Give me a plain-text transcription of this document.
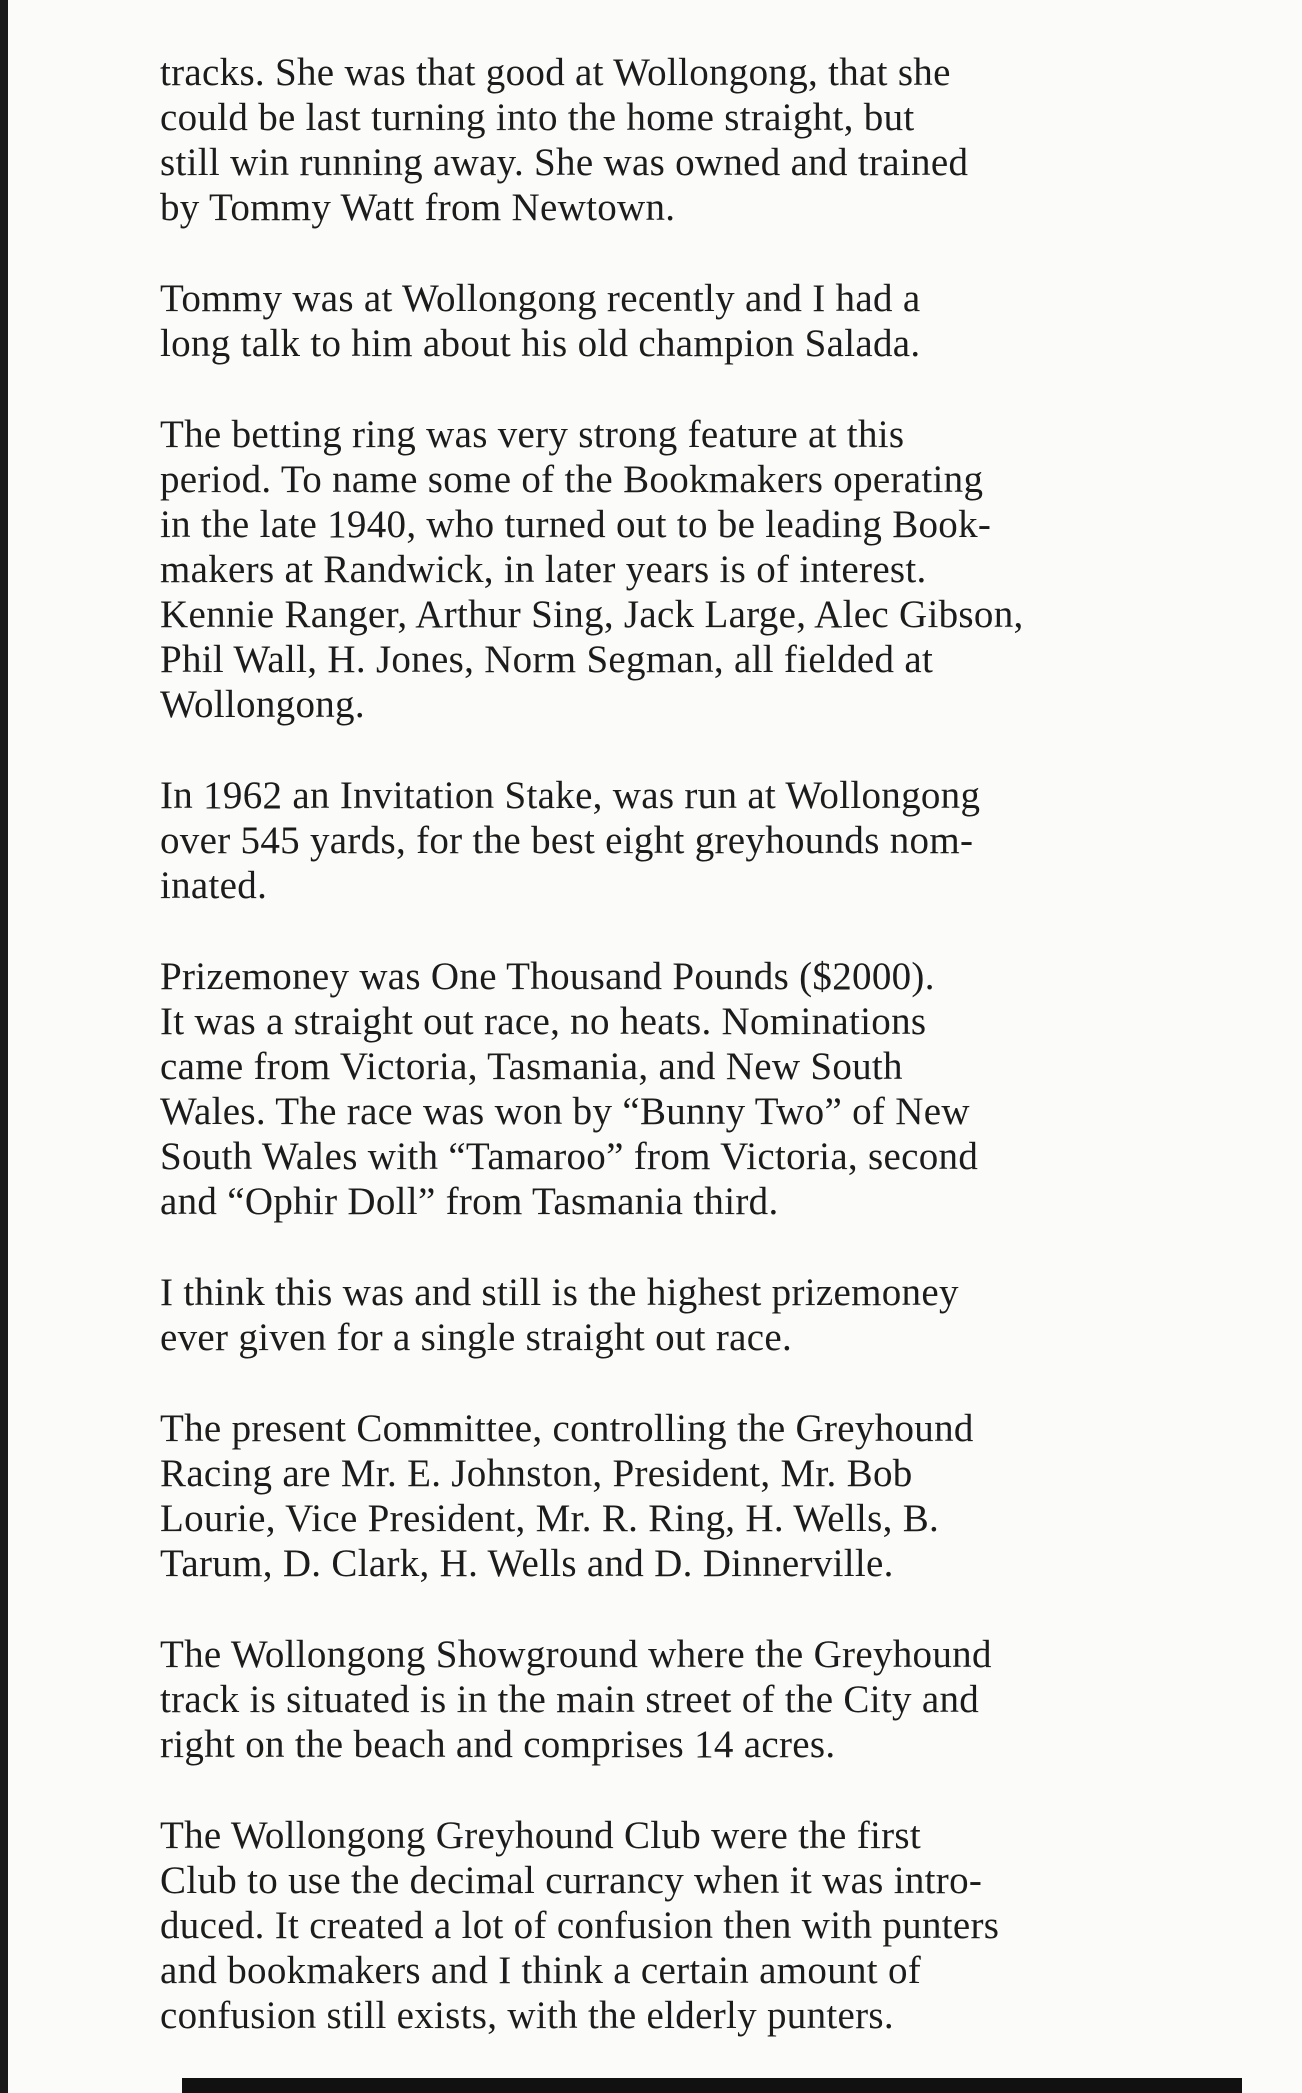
tracks. She was that good at Wollongong, that she
could be last turning into the home straight, but
still win running away. She was owned and trained
by Tommy Watt from Newtown.

Tommy was at Wollongong recently and I had a
long talk to him about his old champion Salada.

The betting ring was very strong feature at this
period. To name some of the Bookmakers operating
in the late 1940, who turned out to be leading Book-
makers at Randwick, in later years is of interest.
Kennie Ranger, Arthur Sing, Jack Large, Alec Gibson,
Phil Wall, H. Jones, Norm Segman, all fielded at
Wollongong.

In 1962 an Invitation Stake, was run at Wollongong
over 545 yards, for the best eight greyhounds nom-
inated.

Prizemoney was One Thousand Pounds ($2000).
It was a straight out race, no heats. Nominations
came from Victoria, Tasmania, and New South
Wales. The race was won by “Bunny Two” of New
South Wales with “Tamaroo” from Victoria, second
and “Ophir Doll” from Tasmania third.

I think this was and still is the highest prizemoney
ever given for a single straight out race.

The present Committee, controlling the Greyhound
Racing are Mr. E. Johnston, President, Mr. Bob
Lourie, Vice President, Mr. R. Ring, H. Wells, B.
Tarum, D. Clark, H. Wells and D. Dinnerville.

The Wollongong Showground where the Greyhound
track is situated is in the main street of the City and
right on the beach and comprises 14 acres.

The Wollongong Greyhound Club were the first
Club to use the decimal currancy when it was intro-
duced. It created a lot of confusion then with punters
and bookmakers and I think a certain amount of
confusion still exists, with the elderly punters.
